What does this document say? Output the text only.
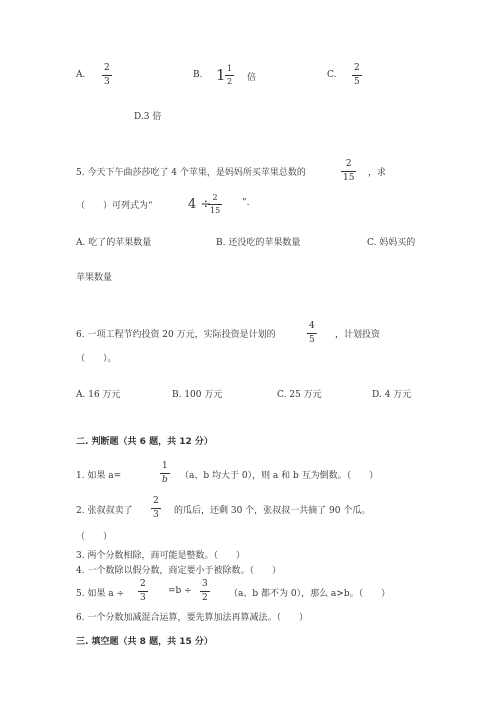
A.
2
3
B. 1 1
2 倍	C.
2
5
D.3 倍
5. 今天下午曲莎莎吃了 4 个苹果，是妈妈所买苹果总数的
2
15 ，求
（　　）可列式为“	4 ÷ 2
15
”.
A. 吃了的苹果数量	B. 还没吃的苹果数量	C. 妈妈买的
苹果数量
6. 一项工程节约投资 20 万元，实际投资是计划的
4
5 ，计划投资
（　　）。
A. 16 万元	B. 100 万元	C. 25 万元	D. 4 万元
二. 判断题（共 6 题，共 12 分）
1. 如果 a=
1
b （a、b 均大于 0），则 a 和 b 互为倒数。（　　）
2. 张叔叔卖了
2
3 的瓜后，还剩 30 个，张叔叔一共摘了 90 个瓜。
（　　）
3. 两个分数相除，商可能是整数。（　　）
4. 一个数除以假分数，商定要小于被除数。（　　）
5. 如果 a ÷
2
3
=b ÷
3
2 （a、b 都不为 0），那么 a>b。（　　）
6. 一个分数加减混合运算，要先算加法再算减法。（　　）
三. 填空题（共 8 题，共 15 分）
